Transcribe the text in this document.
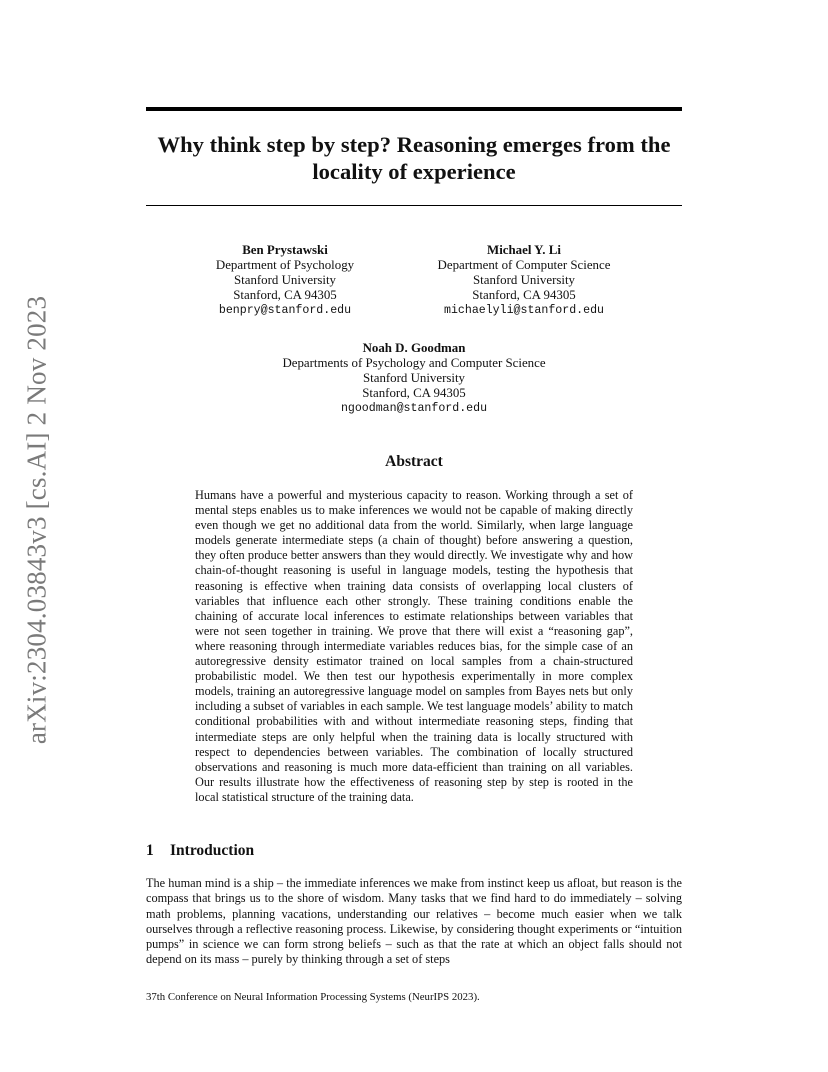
Why think step by step? Reasoning emerges from the locality of experience
Ben Prystawski
Department of Psychology
Stanford University
Stanford, CA 94305
benpry@stanford.edu
Michael Y. Li
Department of Computer Science
Stanford University
Stanford, CA 94305
michaelyli@stanford.edu
Noah D. Goodman
Departments of Psychology and Computer Science
Stanford University
Stanford, CA 94305
ngoodman@stanford.edu
Abstract

Humans have a powerful and mysterious capacity to reason. Working through a set of mental steps enables us to make inferences we would not be capable of making directly even though we get no additional data from the world. Similarly, when large language models generate intermediate steps (a chain of thought) before answering a question, they often produce better answers than they would directly. We investigate why and how chain-of-thought reasoning is useful in language models, testing the hypothesis that reasoning is effective when training data consists of overlapping local clusters of variables that influence each other strongly. These training conditions enable the chaining of accurate local inferences to estimate relationships between variables that were not seen together in training. We prove that there will exist a “reasoning gap”, where reasoning through intermediate variables reduces bias, for the simple case of an autoregressive density estimator trained on local samples from a chain-structured probabilistic model. We then test our hypothesis experimentally in more complex models, training an autoregressive language model on samples from Bayes nets but only including a subset of variables in each sample. We test language models’ ability to match conditional probabilities with and without intermediate reasoning steps, finding that intermediate steps are only helpful when the training data is locally structured with respect to dependencies between variables. The combination of locally structured observations and reasoning is much more data-efficient than training on all variables. Our results illustrate how the effectiveness of reasoning step by step is rooted in the local statistical structure of the training data.

1 Introduction

The human mind is a ship – the immediate inferences we make from instinct keep us afloat, but reason is the compass that brings us to the shore of wisdom. Many tasks that we find hard to do immediately – solving math problems, planning vacations, understanding our relatives – become much easier when we talk ourselves through a reflective reasoning process. Likewise, by considering thought experiments or “intuition pumps” in science we can form strong beliefs – such as that the rate at which an object falls should not depend on its mass – purely by thinking through a set of steps

37th Conference on Neural Information Processing Systems (NeurIPS 2023).

arXiv:2304.03843v3 [cs.AI] 2 Nov 2023
